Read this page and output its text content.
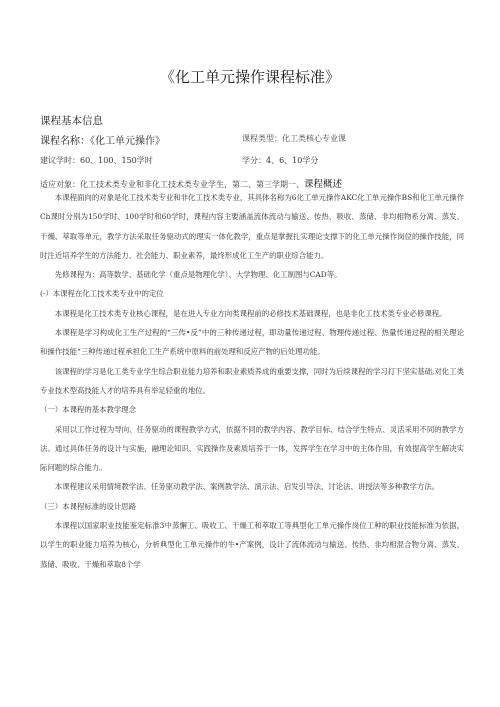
《化工单元操作课程标准》
课程基本信息
课程名称：《化工单元操作》	课程类型：化工类核心专业课
建议学时：60、100、150学时	学分：4、6、10学分
适应对象：化工技术类专业和非化工技术类专业学生，第二、第三学期一、课程概述

本课程面向的对象是化工技术类专业和非化工技术类专业，其具体名称为6化工单元操作AKC化工单元操作BS和化工单元操作Ch课时分别为150学时、100学时和60学时，课程内容主要涵盖流体流动与输送、传热、吸收、蒸储、非均相物系分离、蒸发、干燥、萃取等单元，教学方法采取任务驱动式的理实一体化教学，重点是掌握扎实理论支撑下的化工单元操作岗位的操作技能，同时注近培养学生的方法能力、社会能力、职业素养，最终形成化工生产的职业综合能力。

先修课程为：高等数学、基础化学（重点是物理化学）、大学物理、化工制图与CAD等。

(-）本课程在化工技术类专业中的定位

本课程是化工技术类专业核心课程，是在进入专业方向类课程前的必修技术基础课程，也是非化工技术类专业必修课程。

本课程是学习构成化工生产过程的“三传•反”中的三种传递过程，即动量传递过程、物理传递过程、热量传递过程的相关理论和操作技能“三种传递过程承担化工生产系统中原料的前处理和反应产物的后处理功能。

该课程的学习是化工类专业学生综合职业能力培养和职业素质养成的重要支撑，同时为后续课程的学习打下坚实基础,对化工类专业技术型高技能人才的培养具有举足轻重的地位。

（一）本课程的基本教学理念

采用以工作过程为导向、任务驱动的课程教学方式，依据不同的教学内容、教学目标、结合学生特点、灵活采用不同的教学方法。通过具体任务的设计与实施，融理论知识、实践操作及素质培养于一体，发挥学生在学习中的主体作用，有效提高学生解决实际问题的综合能力。

本课程建议采用情境教学法、任务驱动教学法、案例教学法、演示法、启发引导法、讨论法、讲授法等多种教学方法。

（三）本课程标准的设计思路

本课程以国家职业技能鉴定标准3中蒸懈工、吸收工、干燥工和萃取工等典型化工单元操作岗位工种的职业技能标准为依据，以学生的职业能力培养为核心，分析典型化工单元操作的牛•产案例，设计了流体流动与输送、传热、非均相混合物分离、蒸发、蒸储、吸收、干燥和萃取8个学
